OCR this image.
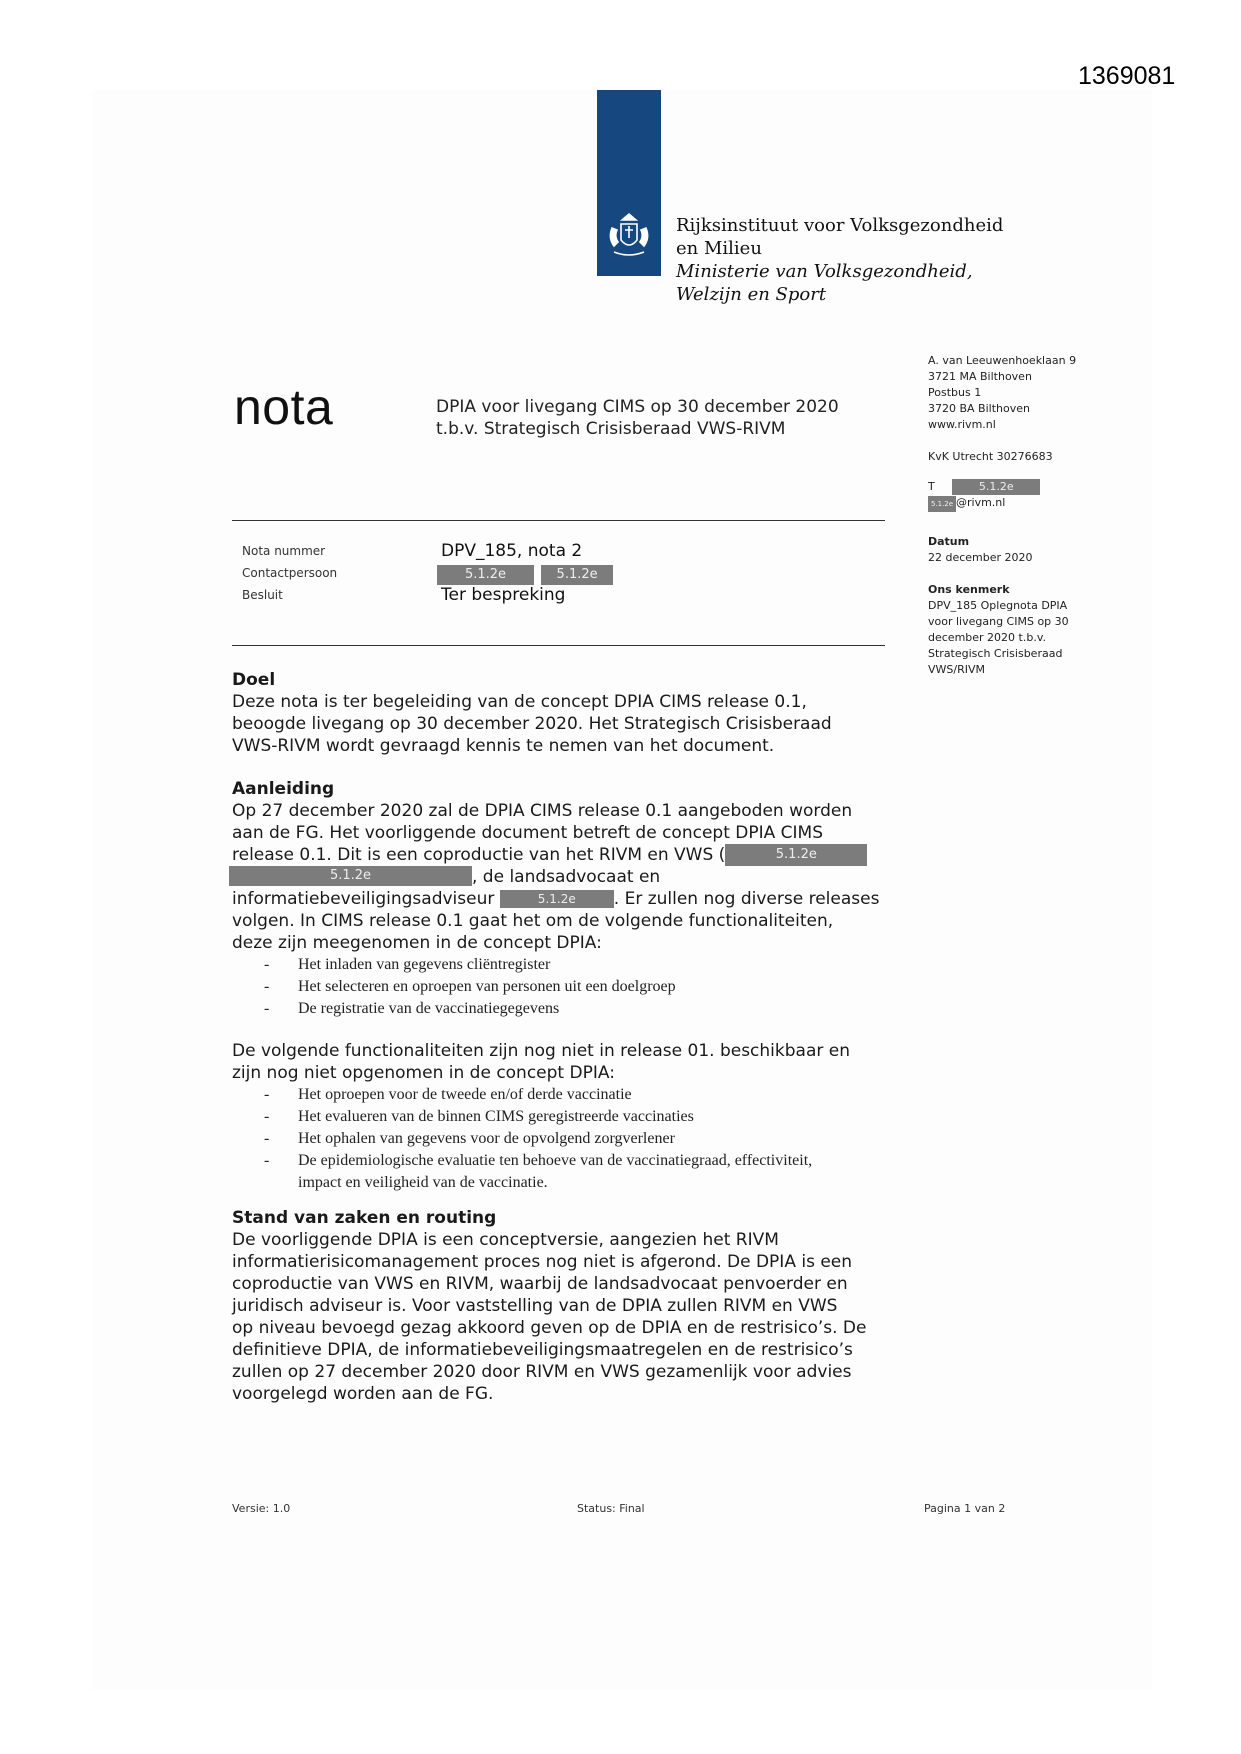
1369081
Rijksinstituut voor Volksgezondheid
en Milieu
Ministerie van Volksgezondheid,
Welzijn en Sport
nota	DPIA voor livegang CIMS op 30 december 2020
t.b.v. Strategisch Crisisberaad VWS-RIVM
A. van Leeuwenhoeklaan 9
3721 MA Bilthoven
Postbus 1
3720 BA Bilthoven
www.rivm.nl
KvK Utrecht 30276683
T	5.1.2e
5.1.2e @rivm.nl
Datum
22 december 2020
Ons kenmerk
DPV_185 Oplegnota DPIA
voor livegang CIMS op 30
december 2020 t.b.v.
Strategisch Crisisberaad
VWS/RIVM
Nota nummer	DPV_185, nota 2
Contactpersoon	5.1.2e	5.1.2e
Besluit	Ter bespreking
Doel
Deze nota is ter begeleiding van de concept DPIA CIMS release 0.1,
beoogde livegang op 30 december 2020. Het Strategisch Crisisberaad
VWS-RIVM wordt gevraagd kennis te nemen van het document.
Aanleiding
Op 27 december 2020 zal de DPIA CIMS release 0.1 aangeboden worden
aan de FG. Het voorliggende document betreft de concept DPIA CIMS
release 0.1. Dit is een coproductie van het RIVM en VWS (	5.1.2e
5.1.2e	, de landsadvocaat en
informatiebeveiligingsadviseur	5.1.2e . Er zullen nog diverse releases
volgen. In CIMS release 0.1 gaat het om de volgende functionaliteiten,
deze zijn meegenomen in de concept DPIA:
- Het inladen van gegevens cliëntregister
- Het selecteren en oproepen van personen uit een doelgroep
- De registratie van de vaccinatiegegevens
De volgende functionaliteiten zijn nog niet in release 01. beschikbaar en
zijn nog niet opgenomen in de concept DPIA:
- Het oproepen voor de tweede en/of derde vaccinatie
- Het evalueren van de binnen CIMS geregistreerde vaccinaties
- Het ophalen van gegevens voor de opvolgend zorgverlener
- De epidemiologische evaluatie ten behoeve van de vaccinatiegraad, effectiviteit,
impact en veiligheid van de vaccinatie.
Stand van zaken en routing
De voorliggende DPIA is een conceptversie, aangezien het RIVM
informatierisicomanagement proces nog niet is afgerond. De DPIA is een
coproductie van VWS en RIVM, waarbij de landsadvocaat penvoerder en
juridisch adviseur is. Voor vaststelling van de DPIA zullen RIVM en VWS
op niveau bevoegd gezag akkoord geven op de DPIA en de restrisico’s. De
definitieve DPIA, de informatiebeveiligingsmaatregelen en de restrisico’s
zullen op 27 december 2020 door RIVM en VWS gezamenlijk voor advies
voorgelegd worden aan de FG.
Versie: 1.0	Status: Final	Pagina 1 van 2
